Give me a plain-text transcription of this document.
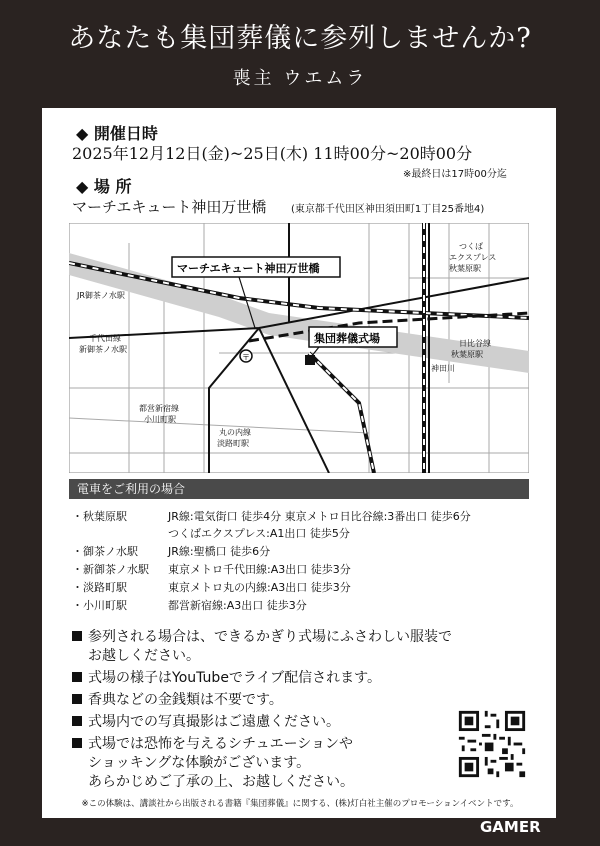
あなたも集団葬儀に参列しませんか?
喪主 ウエムラ
◆ 開催日時
2025年12月12日(金)~25日(木) 11時00分~20時00分
※最終日は17時00分迄
◆ 場 所
マーチエキュート神田万世橋 (東京都千代田区神田須田町1丁目25番地4)
〒
マーチエキュート神田万世橋
集団葬儀式場
JR御茶ノ水駅
千代田線
新御茶ノ水駅
都営新宿線
小川町駅
丸の内線
淡路町駅
つくば
エクスプレス
秋葉原駅
日比谷線
秋葉原駅
神田川
電車をご利用の場合
・秋葉原駅	JR線:電気街口 徒歩4分 東京メトロ日比谷線:3番出口 徒歩6分
つくばエクスプレス:A1出口 徒歩5分
・御茶ノ水駅	JR線:聖橋口 徒歩6分
・新御茶ノ水駅 東京メトロ千代田線:A3出口 徒歩3分
・淡路町駅	東京メトロ丸の内線:A3出口 徒歩3分
・小川町駅	都営新宿線:A3出口 徒歩3分
参列される場合は、できるかぎり式場にふさわしい服装で
お越しください。
式場の様子はYouTubeでライブ配信されます。
香典などの金銭類は不要です。
式場内での写真撮影はご遠慮ください。
式場では恐怖を与えるシチュエーションや
ショッキングな体験がございます。
あらかじめご了承の上、お越しください。
※この体験は、講談社から出版される書籍『集団葬儀』に関する、(株)灯白社主催のプロモーションイベントです。
GAMER
